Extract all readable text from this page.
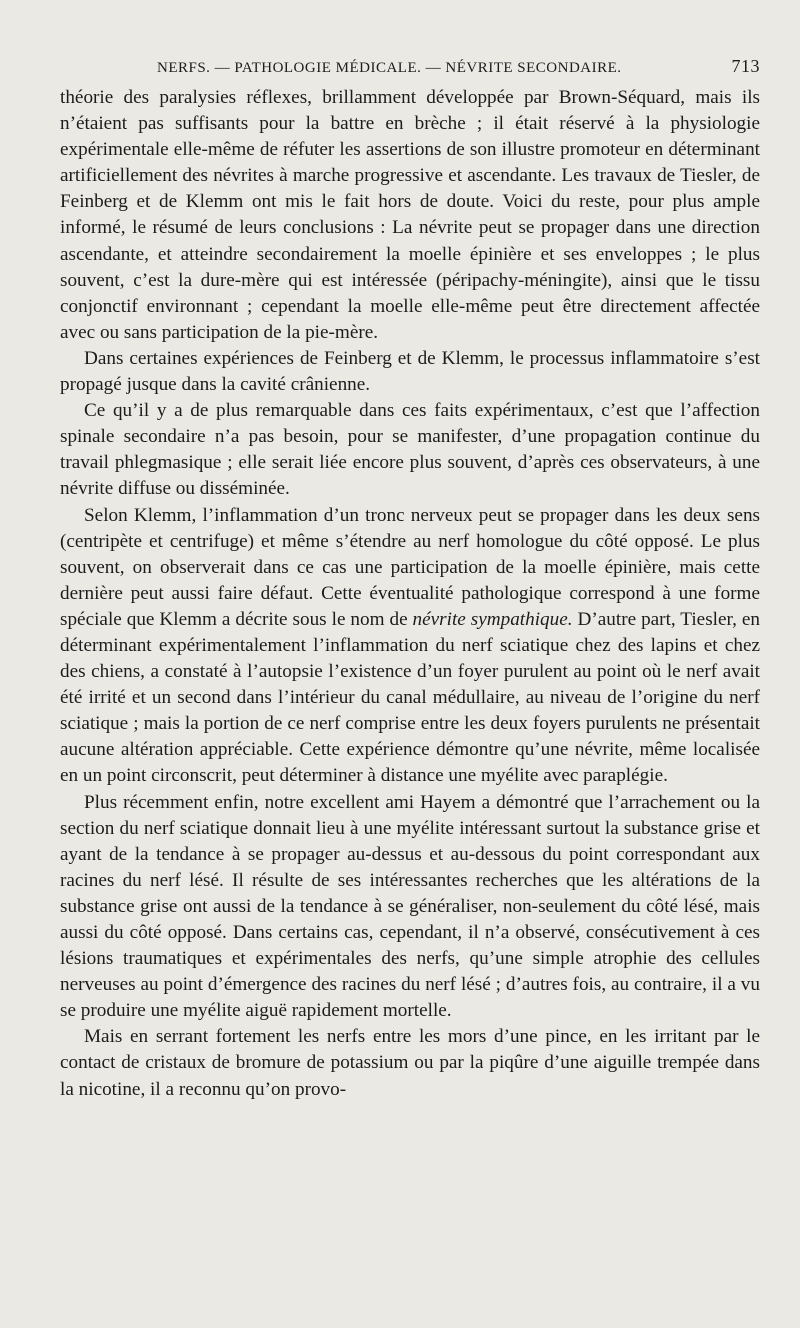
NERFS. — PATHOLOGIE MÉDICALE. — NÉVRITE SECONDAIRE.	713

théorie des paralysies réflexes, brillamment développée par Brown-Séquard, mais ils n’étaient pas suffisants pour la battre en brèche ; il était réservé à la physiologie expérimentale elle-même de réfuter les assertions de son illustre promoteur en déterminant artificiellement des névrites à marche progressive et ascendante. Les travaux de Tiesler, de Feinberg et de Klemm ont mis le fait hors de doute. Voici du reste, pour plus ample informé, le résumé de leurs conclusions : La névrite peut se propager dans une direction ascendante, et atteindre secondairement la moelle épinière et ses enveloppes ; le plus souvent, c’est la dure-mère qui est intéressée (péripachy-méningite), ainsi que le tissu conjonctif environnant ; cependant la moelle elle-même peut être directement affectée avec ou sans participation de la pie-mère.

Dans certaines expériences de Feinberg et de Klemm, le processus inflammatoire s’est propagé jusque dans la cavité crânienne.

Ce qu’il y a de plus remarquable dans ces faits expérimentaux, c’est que l’affection spinale secondaire n’a pas besoin, pour se manifester, d’une propagation continue du travail phlegmasique ; elle serait liée encore plus souvent, d’après ces observateurs, à une névrite diffuse ou disséminée.

Selon Klemm, l’inflammation d’un tronc nerveux peut se propager dans les deux sens (centripète et centrifuge) et même s’étendre au nerf homologue du côté opposé. Le plus souvent, on observerait dans ce cas une participation de la moelle épinière, mais cette dernière peut aussi faire défaut. Cette éventualité pathologique correspond à une forme spéciale que Klemm a décrite sous le nom de névrite sympathique. D’autre part, Tiesler, en déterminant expérimentalement l’inflammation du nerf sciatique chez des lapins et chez des chiens, a constaté à l’autopsie l’existence d’un foyer purulent au point où le nerf avait été irrité et un second dans l’intérieur du canal médullaire, au niveau de l’origine du nerf sciatique ; mais la portion de ce nerf comprise entre les deux foyers purulents ne présentait aucune altération appréciable. Cette expérience démontre qu’une névrite, même localisée en un point circonscrit, peut déterminer à distance une myélite avec paraplégie.

Plus récemment enfin, notre excellent ami Hayem a démontré que l’arrachement ou la section du nerf sciatique donnait lieu à une myélite intéressant surtout la substance grise et ayant de la tendance à se propager au-dessus et au-dessous du point correspondant aux racines du nerf lésé. Il résulte de ses intéressantes recherches que les altérations de la substance grise ont aussi de la tendance à se généraliser, non-seulement du côté lésé, mais aussi du côté opposé. Dans certains cas, cependant, il n’a observé, consécutivement à ces lésions traumatiques et expérimentales des nerfs, qu’une simple atrophie des cellules nerveuses au point d’émergence des racines du nerf lésé ; d’autres fois, au contraire, il a vu se produire une myélite aiguë rapidement mortelle.

Mais en serrant fortement les nerfs entre les mors d’une pince, en les irritant par le contact de cristaux de bromure de potassium ou par la piqûre d’une aiguille trempée dans la nicotine, il a reconnu qu’on provo-
